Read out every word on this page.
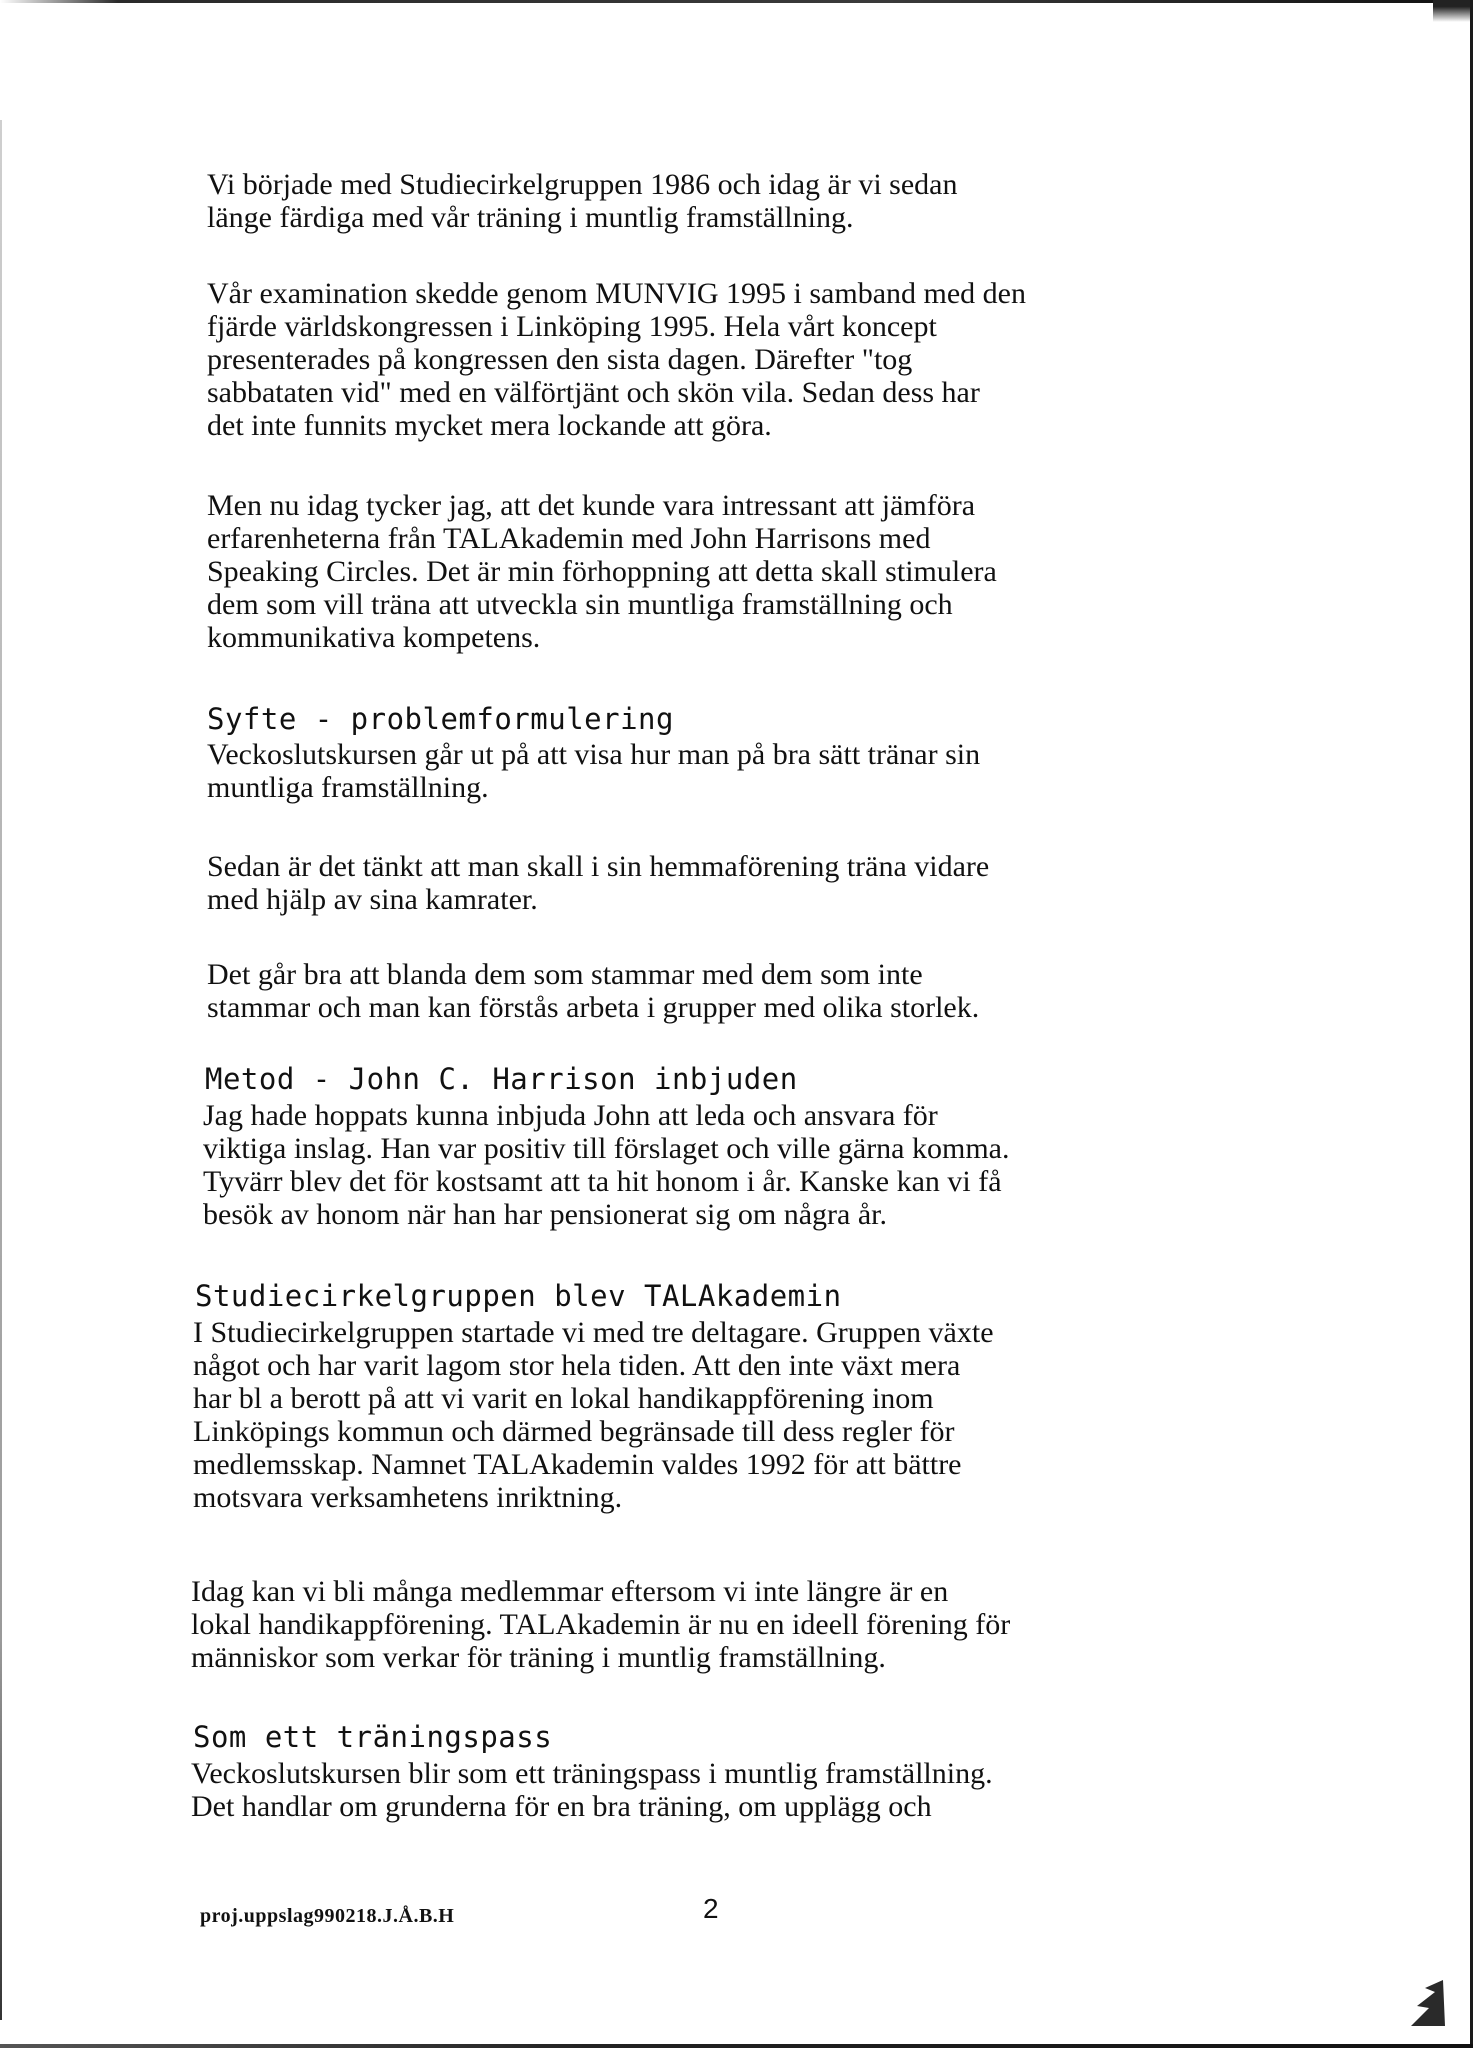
Vi började med Studiecirkelgruppen 1986 och idag är vi sedan
länge färdiga med vår träning i muntlig framställning.
Vår examination skedde genom MUNVIG 1995 i samband med den
fjärde världskongressen i Linköping 1995. Hela vårt koncept
presenterades på kongressen den sista dagen. Därefter "tog
sabbataten vid" med en välförtjänt och skön vila. Sedan dess har
det inte funnits mycket mera lockande att göra.
Men nu idag tycker jag, att det kunde vara intressant att jämföra
erfarenheterna från TALAkademin med John Harrisons med
Speaking Circles. Det är min förhoppning att detta skall stimulera
dem som vill träna att utveckla sin muntliga framställning och
kommunikativa kompetens.
Syfte - problemformulering
Veckoslutskursen går ut på att visa hur man på bra sätt tränar sin
muntliga framställning.
Sedan är det tänkt att man skall i sin hemmaförening träna vidare
med hjälp av sina kamrater.
Det går bra att blanda dem som stammar med dem som inte
stammar och man kan förstås arbeta i grupper med olika storlek.
Metod - John C. Harrison inbjuden
Jag hade hoppats kunna inbjuda John att leda och ansvara för
viktiga inslag. Han var positiv till förslaget och ville gärna komma.
Tyvärr blev det för kostsamt att ta hit honom i år. Kanske kan vi få
besök av honom när han har pensionerat sig om några år.
Studiecirkelgruppen blev TALAkademin
I Studiecirkelgruppen startade vi med tre deltagare. Gruppen växte
något och har varit lagom stor hela tiden. Att den inte växt mera
har bl a berott på att vi varit en lokal handikappförening inom
Linköpings kommun och därmed begränsade till dess regler för
medlemsskap. Namnet TALAkademin valdes 1992 för att bättre
motsvara verksamhetens inriktning.
Idag kan vi bli många medlemmar eftersom vi inte längre är en
lokal handikappförening. TALAkademin är nu en ideell förening för
människor som verkar för träning i muntlig framställning.
Som ett träningspass
Veckoslutskursen blir som ett träningspass i muntlig framställning.
Det handlar om grunderna för en bra träning, om upplägg och
proj.uppslag990218.J.Å.B.H	2
